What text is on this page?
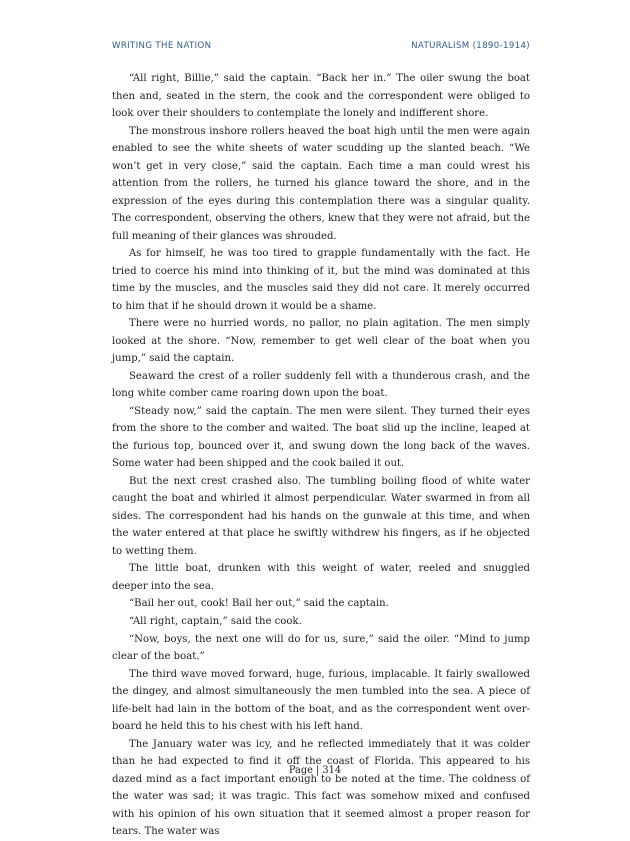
WRITING THE NATION	NATURALISM (1890-1914)

“All right, Billie,” said the captain. “Back her in.” The oiler swung the boat then and, seated in the stern, the cook and the correspondent were obliged to look over their shoulders to contemplate the lonely and indifferent shore.

The monstrous inshore rollers heaved the boat high until the men were again enabled to see the white sheets of water scudding up the slanted beach. “We won’t get in very close,” said the captain. Each time a man could wrest his attention from the rollers, he turned his glance toward the shore, and in the expression of the eyes during this contemplation there was a singular quality. The correspondent, observing the others, knew that they were not afraid, but the full meaning of their glances was shrouded.

As for himself, he was too tired to grapple fundamentally with the fact. He tried to coerce his mind into thinking of it, but the mind was dominated at this time by the muscles, and the muscles said they did not care. It merely occurred to him that if he should drown it would be a shame.

There were no hurried words, no pallor, no plain agitation. The men simply looked at the shore. “Now, remember to get well clear of the boat when you jump,” said the captain.

Seaward the crest of a roller suddenly fell with a thunderous crash, and the long white comber came roaring down upon the boat.

“Steady now,” said the captain. The men were silent. They turned their eyes from the shore to the comber and waited. The boat slid up the incline, leaped at the furious top, bounced over it, and swung down the long back of the waves. Some water had been shipped and the cook bailed it out.

But the next crest crashed also. The tumbling boiling flood of white water caught the boat and whirled it almost perpendicular. Water swarmed in from all sides. The correspondent had his hands on the gunwale at this time, and when the water entered at that place he swiftly withdrew his fingers, as if he objected to wetting them.

The little boat, drunken with this weight of water, reeled and snuggled deeper into the sea.

“Bail her out, cook! Bail her out,” said the captain.

“All right, captain,” said the cook.

“Now, boys, the next one will do for us, sure,” said the oiler. “Mind to jump clear of the boat.”

The third wave moved forward, huge, furious, implacable. It fairly swallowed the dingey, and almost simultaneously the men tumbled into the sea. A piece of life-belt had lain in the bottom of the boat, and as the correspondent went overboard he held this to his chest with his left hand.

The January water was icy, and he reflected immediately that it was colder than he had expected to find it off the coast of Florida. This appeared to his dazed mind as a fact important enough to be noted at the time. The coldness of the water was sad; it was tragic. This fact was somehow mixed and confused with his opinion of his own situation that it seemed almost a proper reason for tears. The water was

Page | 314
